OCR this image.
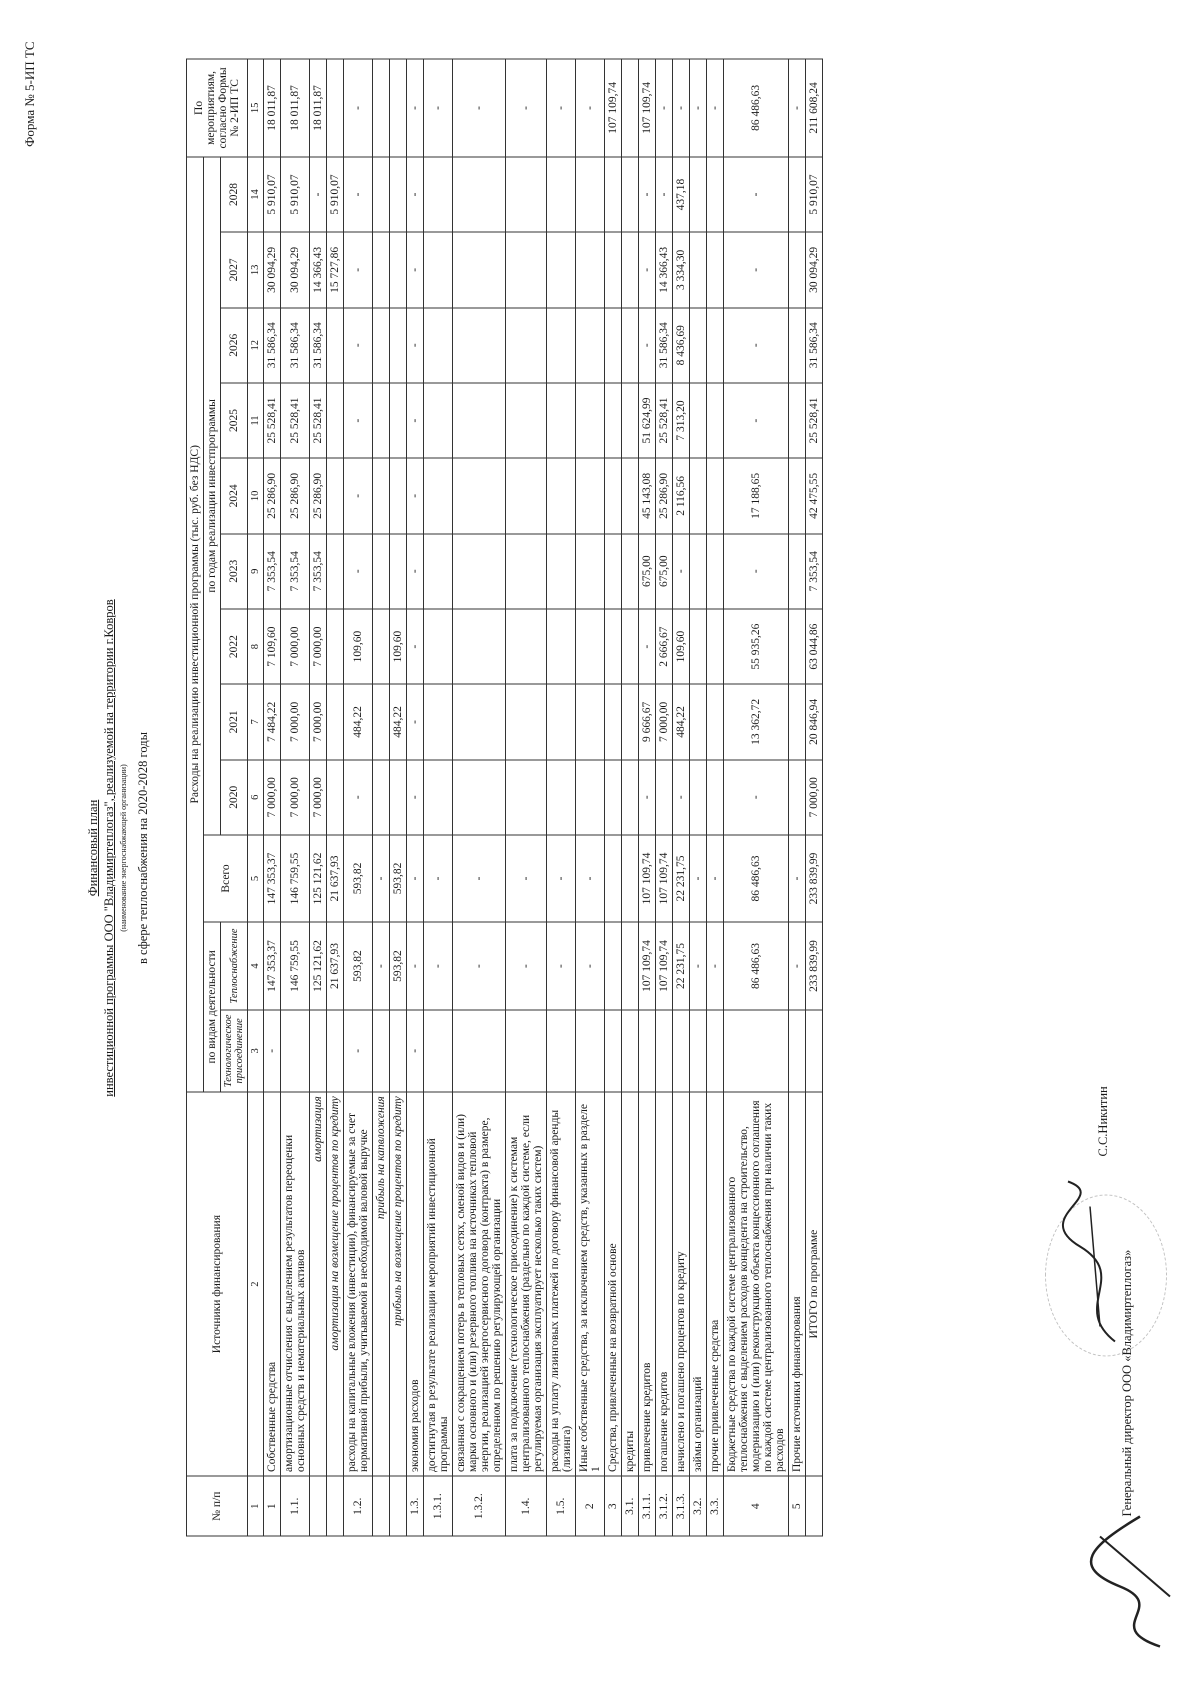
Форма № 5-ИП ТС
Финансовый план инвестиционной программы ООО "Владимиртеплогаз", реализуемой на территории г.Ковров (наименование энергоснабжающей организации) в сфере теплоснабжения на 2020-2028 годы
№ п/п	Источники финансирования	Расходы на реализацию инвестиционной программы (тыс. руб. без НДС)												По мероприятиям, согласно Формы № 2-ИП ТС
		по видам деятельности		Всего	по годам реализации инвестпрограммы									
		Технологическое присоединение	Теплоснабжение		2020	2021	2022	2023	2024	2025	2026	2027	2028	
1	2	3	4	5	6	7	8	9	10	11	12	13	14	15
1	Собственные средства	-	147 353,37	147 353,37	7 000,00	7 484,22	7 109,60	7 353,54	25 286,90	25 528,41	31 586,34	30 094,29	5 910,07	18 011,87
1.1.	амортизационные отчисления с выделением результатов переоценки основных средств и нематериальных активов		146 759,55	146 759,55	7 000,00	7 000,00	7 000,00	7 353,54	25 286,90	25 528,41	31 586,34	30 094,29	5 910,07	18 011,87
	амортизация		125 121,62	125 121,62	7 000,00	7 000,00	7 000,00	7 353,54	25 286,90	25 528,41	31 586,34	14 366,43	-	18 011,87
	амортизация на возмещение процентов по кредиту		21 637,93	21 637,93								15 727,86	5 910,07	
1.2.	расходы на капитальные вложения (инвестиции), финансируемые за счет нормативной прибыли, учитываемой в необходимой валовой выручке	-	593,82	593,82	-	484,22	109,60	-	-	-	-	-	-	-
	прибыль на капвложения		-	-										
	прибыль на возмещение процентов по кредиту		593,82	593,82		484,22	109,60							
1.3.	экономия расходов	-	-	-	-	-	-	-	-	-	-	-	-	-
1.3.1.	достигнутая в результате реализации мероприятий инвестиционной программы		-	-										-
1.3.2.	связанная с сокращением потерь в тепловых сетях, сменой видов и (или) марки основного и (или) резервного топлива на источниках тепловой энергии, реализацией энергосервисного договора (контракта) в размере, определенном по решению регулирующей организации		-	-										-
1.4.	плата за подключение (технологическое присоединение) к системам централизованного теплоснабжения (раздельно по каждой системе, если регулируемая организация эксплуатирует несколько таких систем)		-	-										-
1.5.	расходы на уплату лизинговых платежей по договору финансовой аренды (лизинга)		-	-										-
2	Иные собственные средства, за исключением средств, указанных в разделе 1		-	-										-
3	Средства, привлеченные на возвратной основе													107 109,74
3.1.	кредиты													
3.1.1.	привлечение кредитов		107 109,74	107 109,74	-	9 666,67	-	675,00	45 143,08	51 624,99	-	-	-	107 109,74
3.1.2.	погашение кредитов		107 109,74	107 109,74		7 000,00	2 666,67	675,00	25 286,90	25 528,41	31 586,34	14 366,43	-	-
3.1.3.	начислено и погашено процентов по кредиту		22 231,75	22 231,75	-	484,22	109,60	-	2 116,56	7 313,20	8 436,69	3 334,30	437,18	-
3.2.	займы организаций		-	-										-
3.3.	прочие привлеченные средства		-	-										-
4	Бюджетные средства по каждой системе централизованного теплоснабжения с выделением расходов концедента на строительство, модернизацию и (или) реконструкцию объекта концессионного соглашения по каждой системе централизованного теплоснабжения при наличии таких расходов		86 486,63	86 486,63	-	13 362,72	55 935,26	-	17 188,65	-	-	-	-	86 486,63
5	Прочие источники финансирования		-	-										-
	ИТОГО по программе		233 839,99	233 839,99	7 000,00	20 846,94	63 044,86	7 353,54	42 475,55	25 528,41	31 586,34	30 094,29	5 910,07	211 608,24
Генеральный директор ООО «Владимиртеплогаз»
С.С.Никитин
